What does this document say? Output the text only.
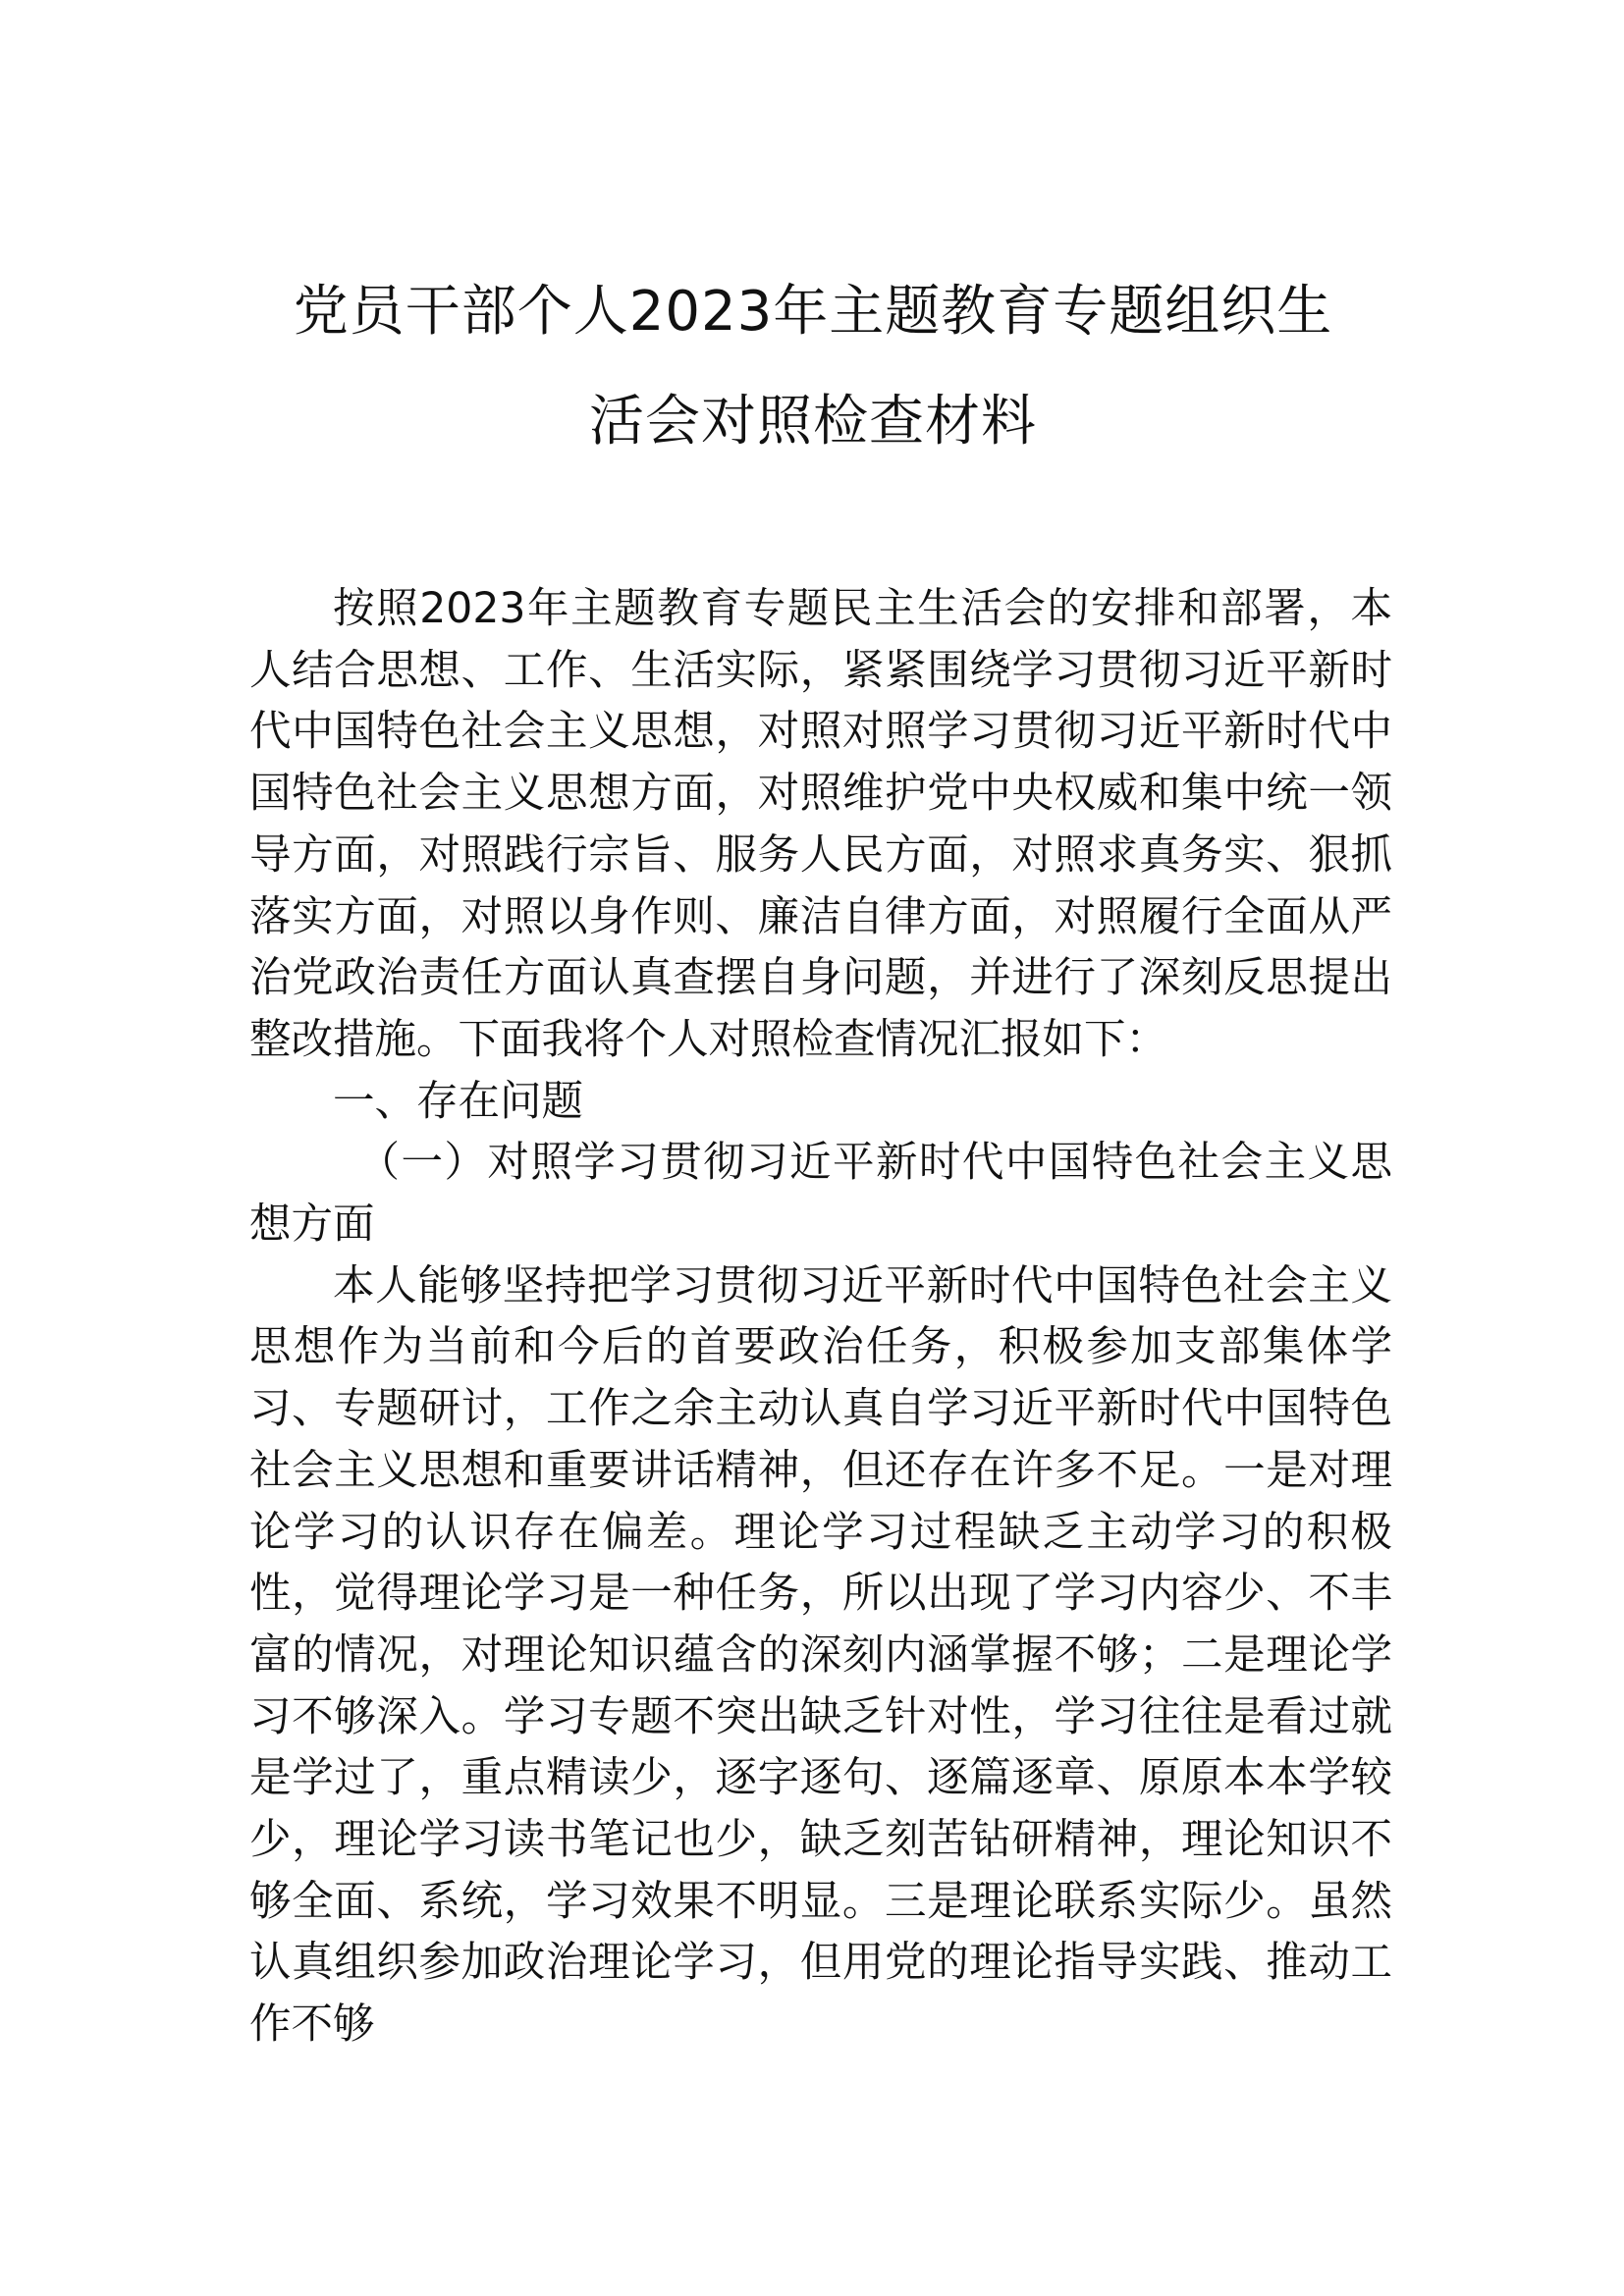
党员干部个人2023年主题教育专题组织生
活会对照检查材料

按照2023年主题教育专题民主生活会的安排和部署，本人结合思想、工作、生活实际，紧紧围绕学习贯彻习近平新时代中国特色社会主义思想，对照对照学习贯彻习近平新时代中国特色社会主义思想方面，对照维护党中央权威和集中统一领导方面，对照践行宗旨、服务人民方面，对照求真务实、狠抓落实方面，对照以身作则、廉洁自律方面，对照履行全面从严治党政治责任方面认真查摆自身问题，并进行了深刻反思提出整改措施。下面我将个人对照检查情况汇报如下：

一、存在问题

（一）对照学习贯彻习近平新时代中国特色社会主义思想方面

本人能够坚持把学习贯彻习近平新时代中国特色社会主义思想作为当前和今后的首要政治任务，积极参加支部集体学习、专题研讨，工作之余主动认真自学习近平新时代中国特色社会主义思想和重要讲话精神，但还存在许多不足。一是对理论学习的认识存在偏差。理论学习过程缺乏主动学习的积极性，觉得理论学习是一种任务，所以出现了学习内容少、不丰富的情况，对理论知识蕴含的深刻内涵掌握不够；二是理论学习不够深入。学习专题不突出缺乏针对性，学习往往是看过就是学过了，重点精读少，逐字逐句、逐篇逐章、原原本本学较少，理论学习读书笔记也少，缺乏刻苦钻研精神，理论知识不够全面、系统，学习效果不明显。三是理论联系实际少。虽然认真组织参加政治理论学习，但用党的理论指导实践、推动工作不够
